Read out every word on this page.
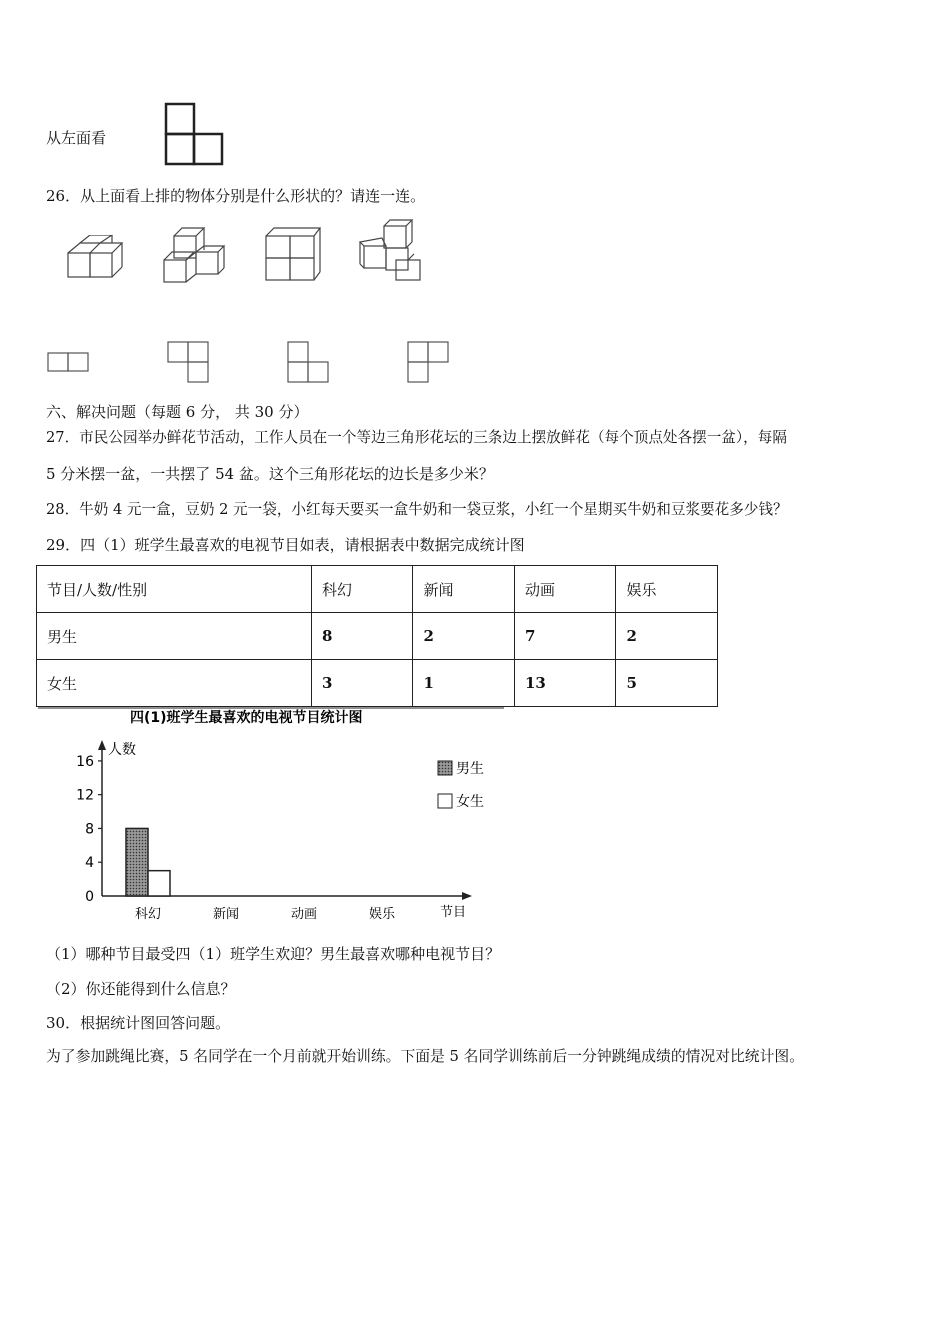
从左面看
26．从上面看上排的物体分别是什么形状的？请连一连。
六、解决问题（每题 6 分， 共 30 分）
27．市民公园举办鲜花节活动，工作人员在一个等边三角形花坛的三条边上摆放鲜花（每个顶点处各摆一盆），每隔
5 分米摆一盆，一共摆了 54 盆。这个三角形花坛的边长是多少米？
28．牛奶 4 元一盒，豆奶 2 元一袋，小红每天要买一盒牛奶和一袋豆浆，小红一个星期买牛奶和豆浆要花多少钱？
29．四（1）班学生最喜欢的电视节目如表，请根据表中数据完成统计图
节目/人数/性别	科幻	新闻	动画	娱乐
男生	8	2	7	2
女生	3	1	13	5
四(1)班学生最喜欢的电视节目统计图
人数
节目
0
4
8
12
16
科幻	新闻	动画	娱乐
男生
女生
（1）哪种节目最受四（1）班学生欢迎？男生最喜欢哪种电视节目？
（2）你还能得到什么信息？
30．根据统计图回答问题。
为了参加跳绳比赛，5 名同学在一个月前就开始训练。下面是 5 名同学训练前后一分钟跳绳成绩的情况对比统计图。
